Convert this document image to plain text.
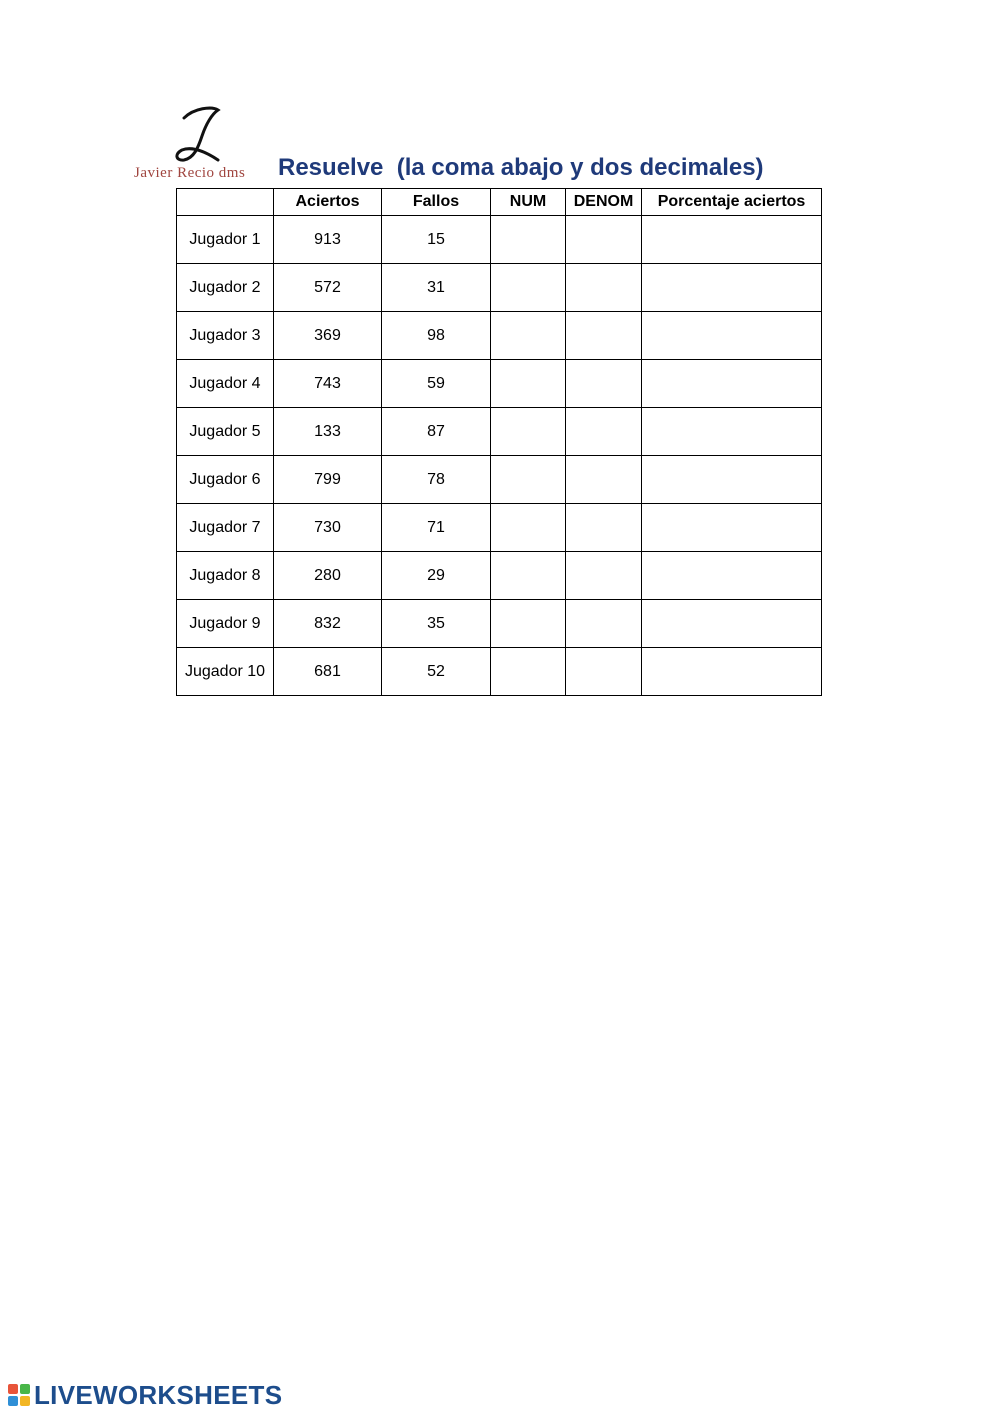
Javier Recio dms Resuelve  (la coma abajo y dos decimales)
	Aciertos	Fallos	NUM	DENOM	Porcentaje aciertos
Jugador 1	913	15			
Jugador 2	572	31			
Jugador 3	369	98			
Jugador 4	743	59			
Jugador 5	133	87			
Jugador 6	799	78			
Jugador 7	730	71			
Jugador 8	280	29			
Jugador 9	832	35			
Jugador 10	681	52			
LIVEWORKSHEETS
